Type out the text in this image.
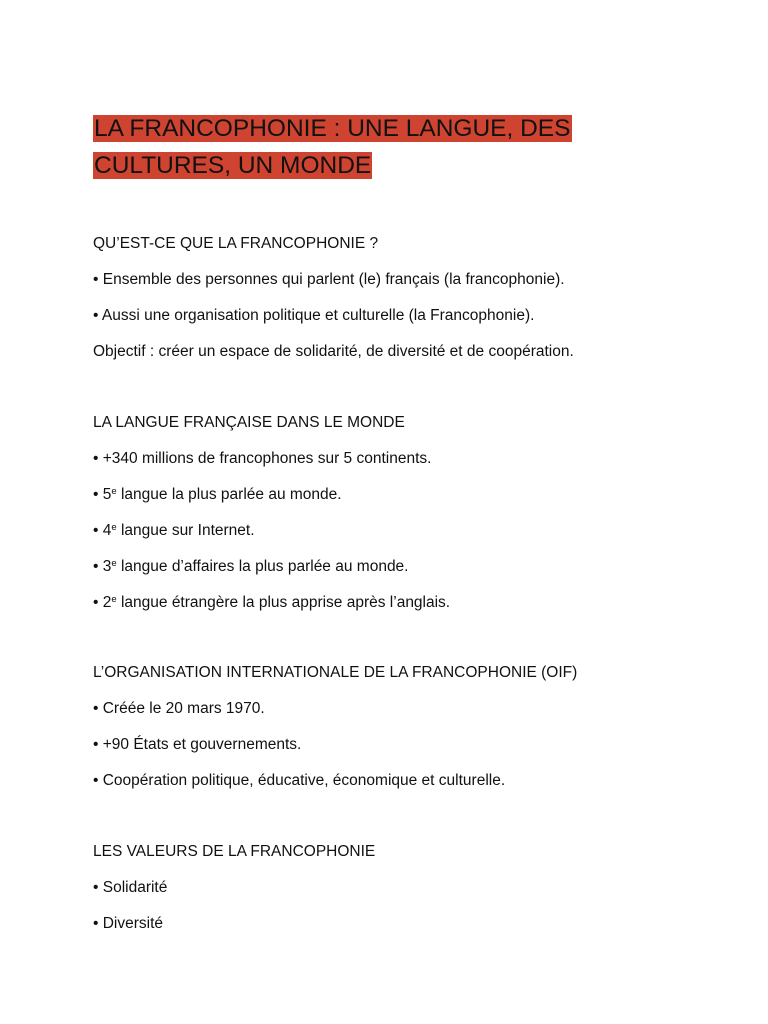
LA FRANCOPHONIE : UNE LANGUE, DES
CULTURES, UN MONDE

QU’EST-CE QUE LA FRANCOPHONIE ?

• Ensemble des personnes qui parlent (le) français (la francophonie).

• Aussi une organisation politique et culturelle (la Francophonie).

Objectif : créer un espace de solidarité, de diversité et de coopération.

LA LANGUE FRANÇAISE DANS LE MONDE

• +340 millions de francophones sur 5 continents.

• 5e langue la plus parlée au monde.

• 4e langue sur Internet.

• 3e langue d’affaires la plus parlée au monde.

• 2e langue étrangère la plus apprise après l’anglais.

L’ORGANISATION INTERNATIONALE DE LA FRANCOPHONIE (OIF)

• Créée le 20 mars 1970.

• +90 États et gouvernements.

• Coopération politique, éducative, économique et culturelle.

LES VALEURS DE LA FRANCOPHONIE

• Solidarité

• Diversité
